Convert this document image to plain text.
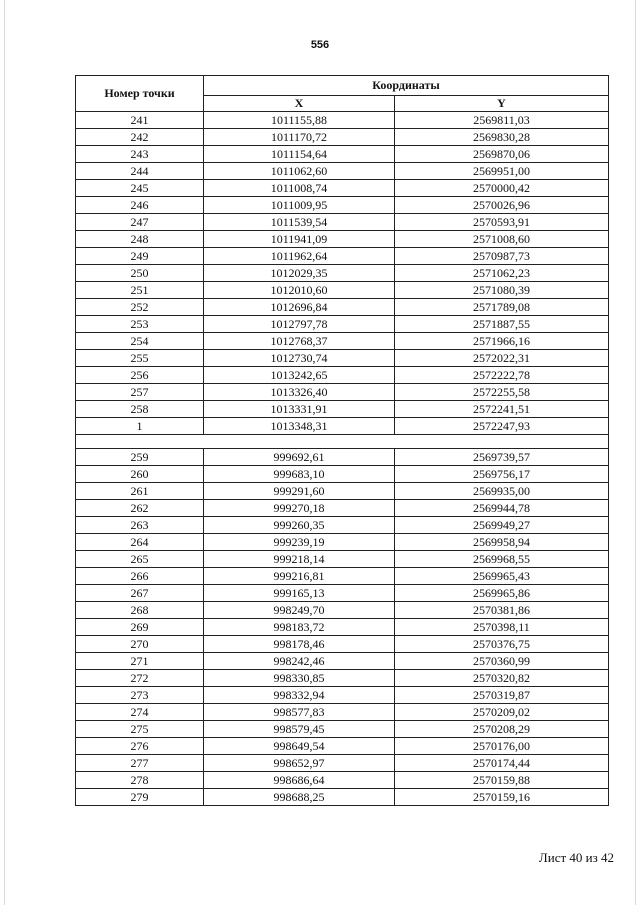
556
Номер точки	Координаты	
	X	Y
241	1011155,88	2569811,03
242	1011170,72	2569830,28
243	1011154,64	2569870,06
244	1011062,60	2569951,00
245	1011008,74	2570000,42
246	1011009,95	2570026,96
247	1011539,54	2570593,91
248	1011941,09	2571008,60
249	1011962,64	2570987,73
250	1012029,35	2571062,23
251	1012010,60	2571080,39
252	1012696,84	2571789,08
253	1012797,78	2571887,55
254	1012768,37	2571966,16
255	1012730,74	2572022,31
256	1013242,65	2572222,78
257	1013326,40	2572255,58
258	1013331,91	2572241,51
1	1013348,31	2572247,93

259	999692,61	2569739,57
260	999683,10	2569756,17
261	999291,60	2569935,00
262	999270,18	2569944,78
263	999260,35	2569949,27
264	999239,19	2569958,94
265	999218,14	2569968,55
266	999216,81	2569965,43
267	999165,13	2569965,86
268	998249,70	2570381,86
269	998183,72	2570398,11
270	998178,46	2570376,75
271	998242,46	2570360,99
272	998330,85	2570320,82
273	998332,94	2570319,87
274	998577,83	2570209,02
275	998579,45	2570208,29
276	998649,54	2570176,00
277	998652,97	2570174,44
278	998686,64	2570159,88
279	998688,25	2570159,16
Лист 40 из 42
